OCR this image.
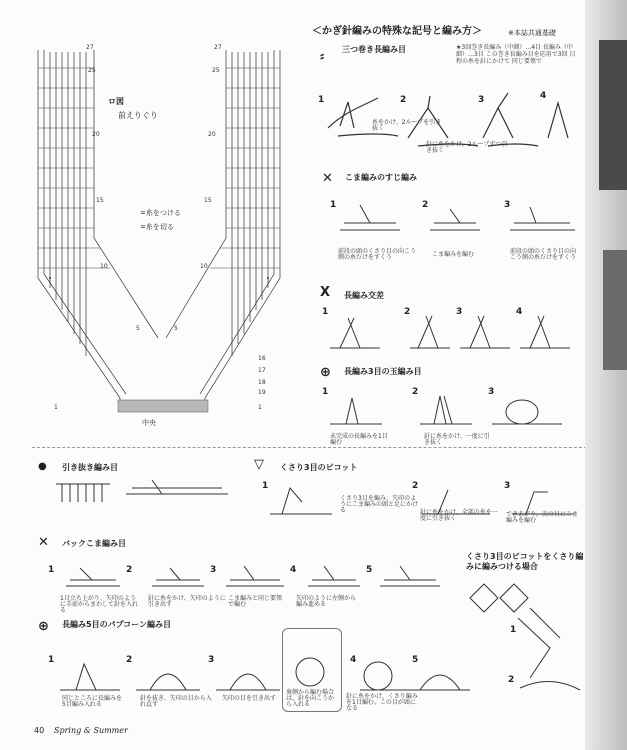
ロ図
前えりぐり
=糸をつける
=糸を切る
中央
27
25
20
15
10
5
1
27
25
20
15
10
5
1
19
18
17
16
＜かぎ針編みの特殊な記号と編み方＞	※本誌共通基礎
⸗ 三つ巻き長編み目	★3回巻き長編み（中細）…4目 長編み（中細）…3目 この巻き長編み目を応用で3回 目程の糸を針にかけて 同じ要領で
1	2	3	4
糸をかけ、2ループを引き抜く
針に糸をかけ、2ループずつ引き抜く
✕ こま編みのすじ編み
1	2	3
前段の頭のくさり目の向こう側の糸だけをすくう	こま編みを編む	前段の頭のくさり目の向こう側の糸だけをすくう
Ⅹ 長編み交差
1	2	3	4
⊕ 長編み3目の玉編み目
1	2	3
未完成の長編みを1目編む
針に糸をかけ、一度に引き抜く
● 引き抜き編み目	▽ くさり3目のピコット
1	2	3
くさり3目を編み、矢印のようにこま編みの頭と足にかける	針に糸をかけ、全部の糸を一度に引き抜く
できあがり。次の目にこま編みを編む
✕ バックこま編み目
1	2	3	4	5
1目立ち上がり、矢印のように手前からまわして針を入れる
針に糸をかけ、矢印のように引き出す
こま編みと同じ要領で編む
矢印のように左側から編み進める
⊕ 長編み5目のパプコーン編み目
1	2	3	4	5
同じところに長編みを5目編み入れる
針を抜き、矢印の目から入れ直す
矢印の目を引き出す
裏側から編む場合は、針を向こうから入れる
針に糸をかけ、くさり編みを1目編む。この目が頭になる
くさり3目のピコットをくさり編みに編みつける場合
1
2
40 Spring & Summer
